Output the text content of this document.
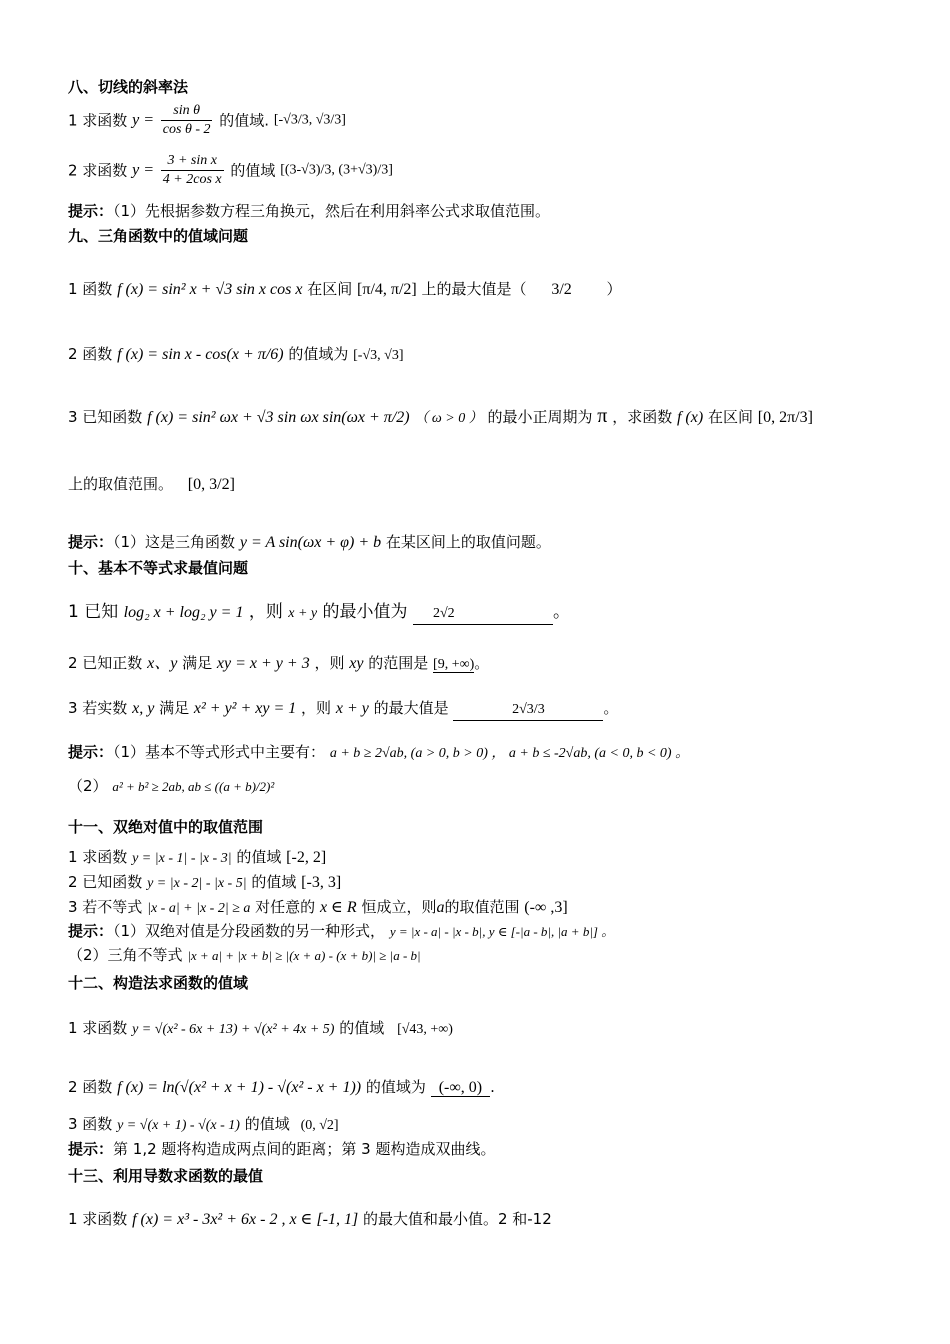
八、切线的斜率法
1 求函数 $y = \frac{\text{sin θ}}{\text{cos θ - 2}}$ 的值域. [-√3/3, √3/3]
2 求函数 $y = \frac{\text{3 + sin x}}{\text{4 + 2cos x}}$ 的值域 [(3-√3)/3, (3+√3)/3]
提示：（1）先根据参数方程三角换元，然后在利用斜率公式求取值范围。
九、三角函数中的值域问题
1 函数 f (x) = sin² x + √3 sin x cos x 在区间 [π/4, π/2] 上的最大值是（ 3/2 ）
2 函数 f (x) = sin x - cos(x + π/6) 的值域为 [-√3, √3]
3 已知函数 f (x) = sin² ωx + √3 sin ωx sin(ωx + π/2) （ ω > 0 ） 的最小正周期为 π ，求函数 f (x) 在区间 [0, 2π/3]
上的取值范围。 [0, 3/2]
提示：（1）这是三角函数 y = A sin(ωx + φ) + b 在某区间上的取值问题。
十、基本不等式求最值问题
1 已知 log₂ x + log₂ y = 1 ，则 x + y 的最小值为 2√2	。
2 已知正数 x、y 满足 xy = x + y + 3 ，则 xy 的范围是 [9, +∞)。
3 若实数 x, y 满足 x² + y² + xy = 1 ，则 x + y 的最大值是	2√3/3	。
提示：（1）基本不等式形式中主要有： a + b ≥ 2√ab, (a > 0, b > 0) ， a + b ≤ -2√ab, (a < 0, b < 0) 。
（2） a² + b² ≥ 2ab, ab ≤ ((a + b)/2)²
十一、双绝对值中的取值范围
1 求函数 y = |x - 1| - |x - 3| 的值域 [-2, 2]
2 已知函数 y = |x - 2| - |x - 5| 的值域 [-3, 3]
3 若不等式 |x - a| + |x - 2| ≥ a 对任意的 x ∈ R 恒成立，则a的取值范围 (-∞ ,3]
提示：（1）双绝对值是分段函数的另一种形式， y = |x - a| - |x - b|, y ∈ [-|a - b|, |a + b|] 。
（2）三角不等式 |x + a| + |x + b| ≥ |(x + a) - (x + b)| ≥ |a - b|
十二、构造法求函数的值域
1 求函数 y = √(x² - 6x + 13) + √(x² + 4x + 5) 的值域 [√43, +∞)
2 函数 f (x) = ln(√(x² + x + 1) - √(x² - x + 1)) 的值域为 (-∞, 0) .
3 函数 y = √(x + 1) - √(x - 1) 的值域 (0, √2]
提示：第 1,2 题将构造成两点间的距离；第 3 题构造成双曲线。
十三、利用导数求函数的最值
1 求函数 f (x) = x³ - 3x² + 6x - 2 , x ∈ [-1, 1] 的最大值和最小值。2 和-12
